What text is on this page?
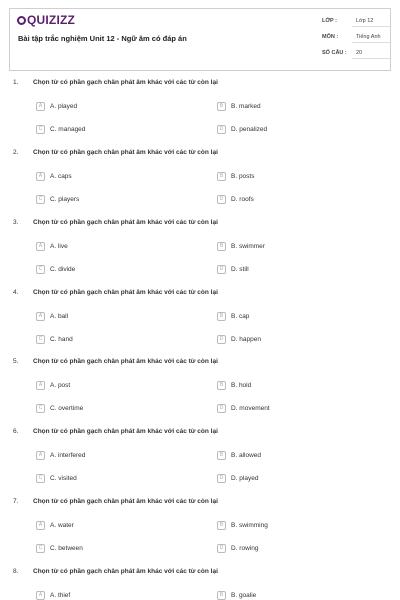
QUIZIZZ
Bài tập trắc nghiệm Unit 12 - Ngữ âm có đáp án
LỚP :	Lớp 12
MÔN :	Tiếng Anh
SỐ CÂU :	20
1. Chọn từ có phần gạch chân phát âm khác với các từ còn lại
A	A. played	B	B. marked
C	C. managed	D	D. penalized
2. Chọn từ có phần gạch chân phát âm khác với các từ còn lại
A	A. caps	B	B. posts
C	C. players	D	D. roofs
3. Chọn từ có phần gạch chân phát âm khác với các từ còn lại
A	A. live	B	B. swimmer
C	C. divide	D	D. still
4. Chọn từ có phần gạch chân phát âm khác với các từ còn lại
A	A. ball	B	B. cap
C	C. hand	D	D. happen
5. Chọn từ có phần gạch chân phát âm khác với các từ còn lại
A	A. post	B	B. hold
C	C. overtime	D	D. movement
6. Chọn từ có phần gạch chân phát âm khác với các từ còn lại
A	A. interfered	B	B. allowed
C	C. visited	D	D. played
7. Chọn từ có phần gạch chân phát âm khác với các từ còn lại
A	A. water	B	B. swimming
C	C. between	D	D. rowing
8. Chọn từ có phần gạch chân phát âm khác với các từ còn lại
A	A. thief	B	B. goalie
